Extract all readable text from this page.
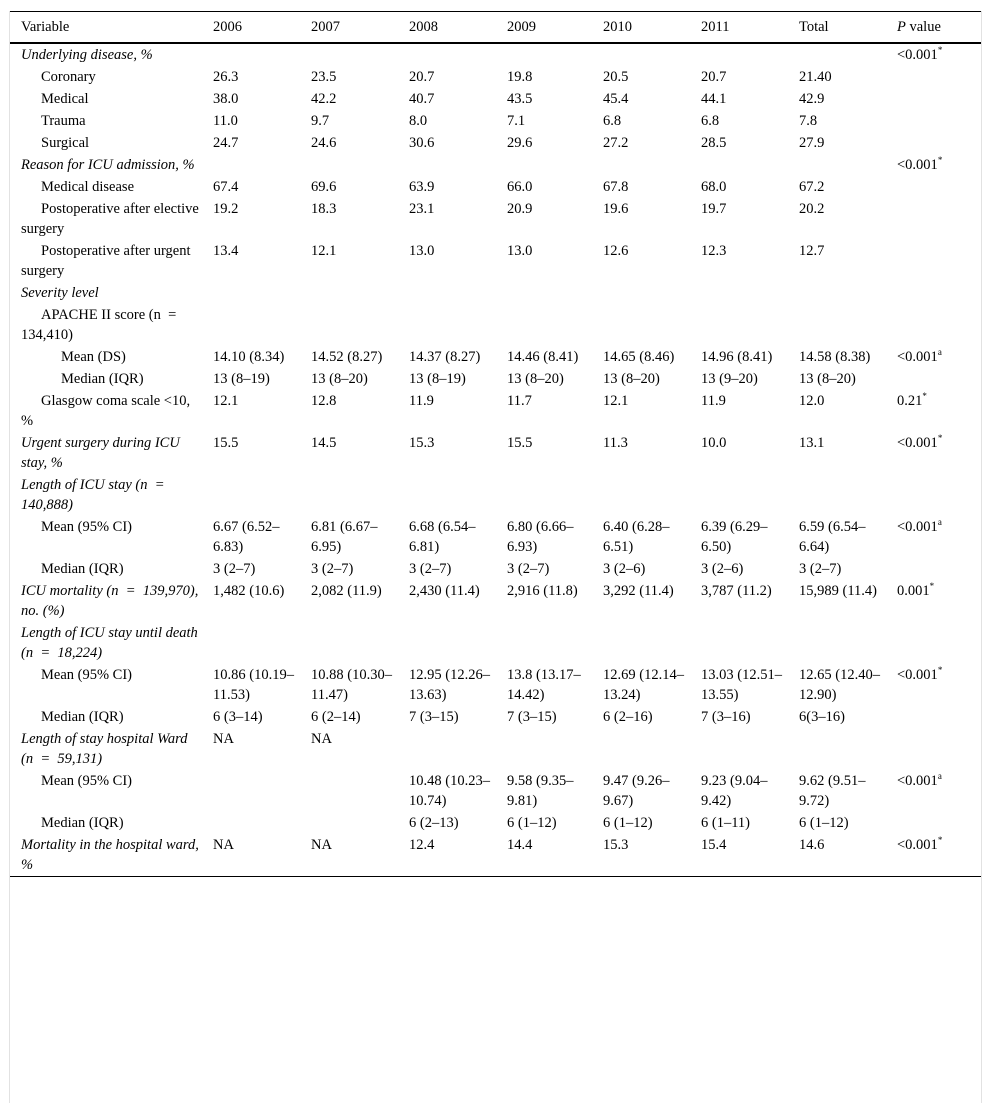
Variable	2006	2007	2008	2009	2010	2011	Total	P value
Underlying disease, %								<0.001*
Coronary	26.3	23.5	20.7	19.8	20.5	20.7	21.40	
Medical	38.0	42.2	40.7	43.5	45.4	44.1	42.9	
Trauma	11.0	9.7	8.0	7.1	6.8	6.8	7.8	
Surgical	24.7	24.6	30.6	29.6	27.2	28.5	27.9	
Reason for ICU admission, %								<0.001*
Medical disease	67.4	69.6	63.9	66.0	67.8	68.0	67.2	
Postoperative after elective surgery	19.2	18.3	23.1	20.9	19.6	19.7	20.2	
Postoperative after urgent surgery	13.4	12.1	13.0	13.0	12.6	12.3	12.7	
Severity level								
APACHE II score (n = 134,410)								
Mean (DS)	14.10 (8.34)	14.52 (8.27)	14.37 (8.27)	14.46 (8.41)	14.65 (8.46)	14.96 (8.41)	14.58 (8.38)	<0.001$^a$
Median (IQR)	13 (8–19)	13 (8–20)	13 (8–19)	13 (8–20)	13 (8–20)	13 (9–20)	13 (8–20)	
Glasgow coma scale <10, %	12.1	12.8	11.9	11.7	12.1	11.9	12.0	0.21*
Urgent surgery during ICU stay, %	15.5	14.5	15.3	15.5	11.3	10.0	13.1	<0.001*
Length of ICU stay (n = 140,888)								
Mean (95% CI)	6.67 (6.52–6.83)	6.81 (6.67–6.95)	6.68 (6.54–6.81)	6.80 (6.66–6.93)	6.40 (6.28–6.51)	6.39 (6.29–6.50)	6.59 (6.54–6.64)	<0.001$^a$
Median (IQR)	3 (2–7)	3 (2–7)	3 (2–7)	3 (2–7)	3 (2–6)	3 (2–6)	3 (2–7)	
ICU mortality (n = 139,970), no. (%)	1,482 (10.6)	2,082 (11.9)	2,430 (11.4)	2,916 (11.8)	3,292 (11.4)	3,787 (11.2)	15,989 (11.4)	0.001*
Length of ICU stay until death (n = 18,224)								
Mean (95% CI)	10.86 (10.19–11.53)	10.88 (10.30–11.47)	12.95 (12.26–13.63)	13.8 (13.17–14.42)	12.69 (12.14–13.24)	13.03 (12.51–13.55)	12.65 (12.40–12.90)	<0.001*
Median (IQR)	6 (3–14)	6 (2–14)	7 (3–15)	7 (3–15)	6 (2–16)	7 (3–16)	6(3–16)	
Length of stay hospital Ward (n = 59,131)	NA	NA						
Mean (95% CI)			10.48 (10.23–10.74)	9.58 (9.35–9.81)	9.47 (9.26–9.67)	9.23 (9.04–9.42)	9.62 (9.51–9.72)	<0.001$^a$
Median (IQR)			6 (2–13)	6 (1–12)	6 (1–12)	6 (1–11)	6 (1–12)	
Mortality in the hospital ward, %	NA	NA	12.4	14.4	15.3	15.4	14.6	<0.001*
